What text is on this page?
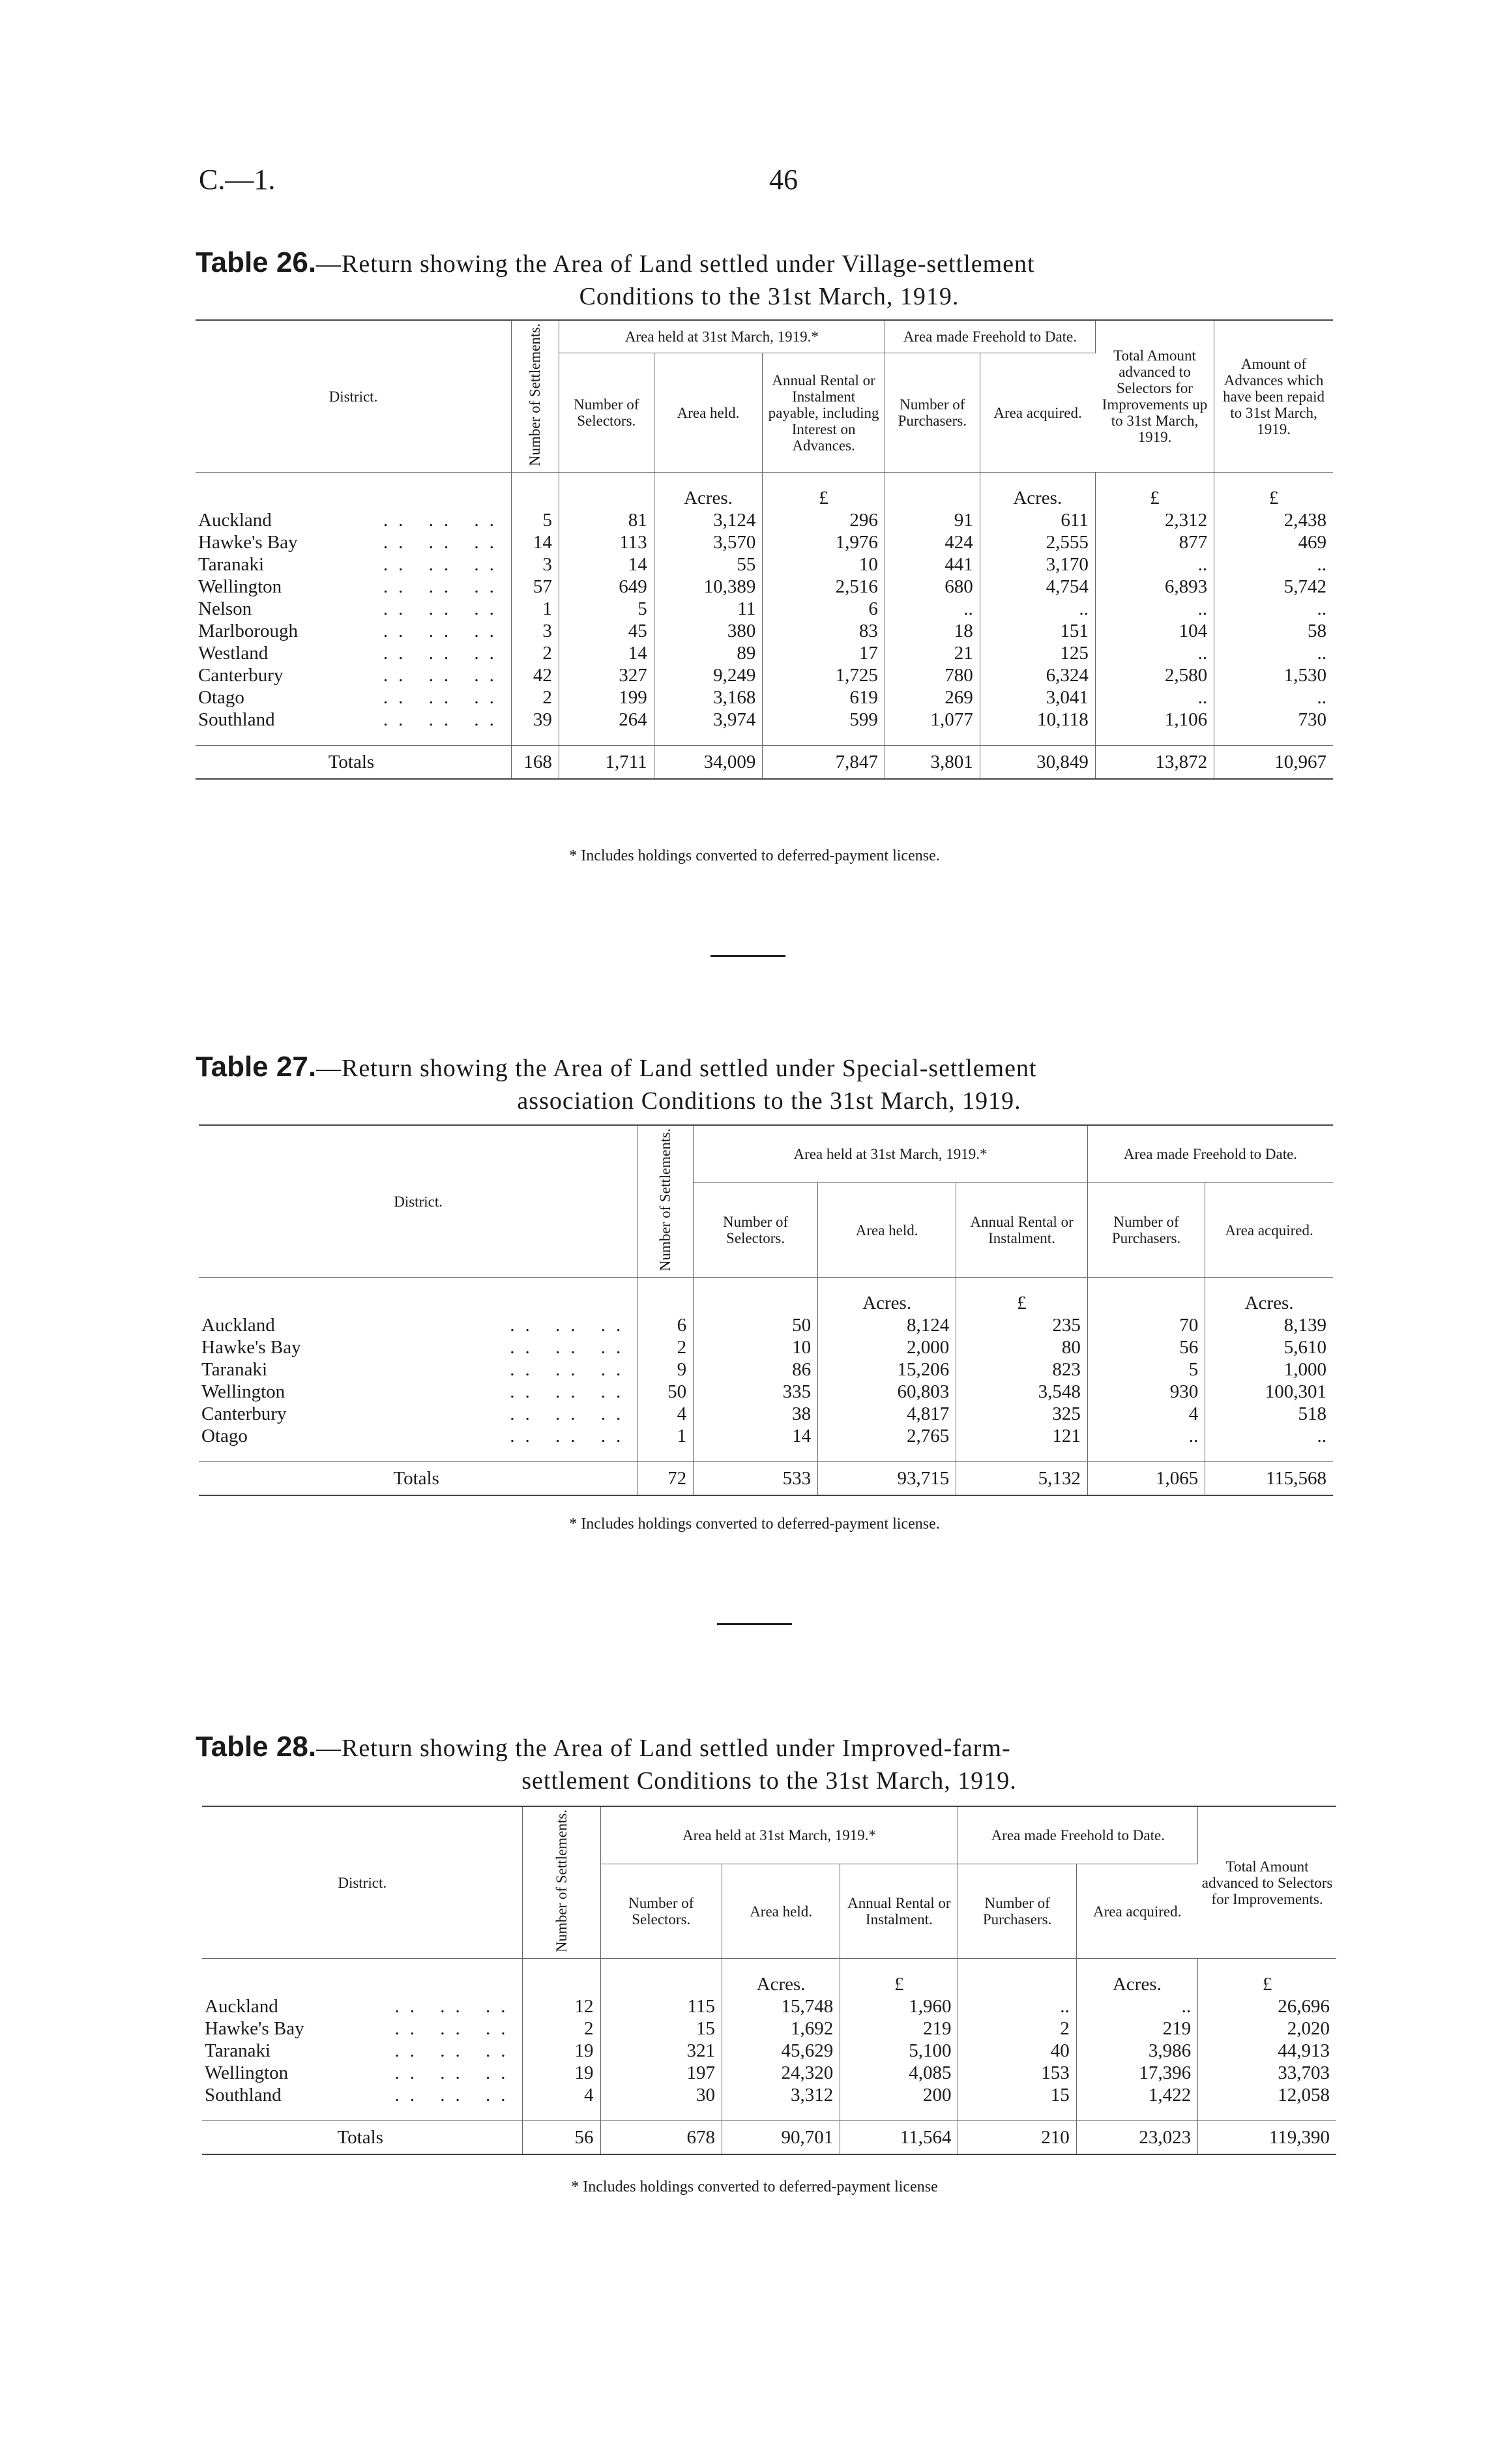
C.—1.	46
Table 26.—Return showing the Area of Land settled under Village-settlement
Conditions to the 31st March, 1919.
District.	Number of Settlements.	Area held at 31st March, 1919.*			Area made Freehold to Date.		Total Amount advanced to Selectors for Improvements up to 31st March, 1919.	Amount of Advances which have been repaid to 31st March, 1919.
		Number of Selectors.	Area held.	Annual Rental or Instalment payable, including Interest on Advances.	Number of Purchasers.	Area acquired.		
			Acres.	£		Acres.	£	£
Auckland .. .. ..	5	81	3,124	296	91	611	2,312	2,438
Hawke's Bay .. .. ..	14	113	3,570	1,976	424	2,555	877	469
Taranaki .. .. ..	3	14	55	10	441	3,170	..	..
Wellington .. .. ..	57	649	10,389	2,516	680	4,754	6,893	5,742
Nelson .. .. ..	1	5	11	6	..	..	..	..
Marlborough .. .. ..	3	45	380	83	18	151	104	58
Westland .. .. ..	2	14	89	17	21	125	..	..
Canterbury .. .. ..	42	327	9,249	1,725	780	6,324	2,580	1,530
Otago .. .. ..	2	199	3,168	619	269	3,041	..	..
Southland .. .. ..	39	264	3,974	599	1,077	10,118	1,106	730
Totals	168	1,711	34,009	7,847	3,801	30,849	13,872	10,967
* Includes holdings converted to deferred-payment license.
Table 27.—Return showing the Area of Land settled under Special-settlement
association Conditions to the 31st March, 1919.
District.	Number of Settlements.	Area held at 31st March, 1919.*			Area made Freehold to Date.	
		Number of Selectors.	Area held.	Annual Rental or Instalment.	Number of Purchasers.	Area acquired.
			Acres.	£		Acres.
Auckland .. .. ..	6	50	8,124	235	70	8,139
Hawke's Bay .. .. ..	2	10	2,000	80	56	5,610
Taranaki .. .. ..	9	86	15,206	823	5	1,000
Wellington .. .. ..	50	335	60,803	3,548	930	100,301
Canterbury .. .. ..	4	38	4,817	325	4	518
Otago .. .. ..	1	14	2,765	121	..	..
Totals	72	533	93,715	5,132	1,065	115,568
* Includes holdings converted to deferred-payment license.
Table 28.—Return showing the Area of Land settled under Improved-farm-
settlement Conditions to the 31st March, 1919.
District.	Number of Settlements.	Area held at 31st March, 1919.*			Area made Freehold to Date.		Total Amount advanced to Selectors for Improvements.
		Number of Selectors.	Area held.	Annual Rental or Instalment.	Number of Purchasers.	Area acquired.	
			Acres.	£		Acres.	£
Auckland .. .. ..	12	115	15,748	1,960	..	..	26,696
Hawke's Bay .. .. ..	2	15	1,692	219	2	219	2,020
Taranaki .. .. ..	19	321	45,629	5,100	40	3,986	44,913
Wellington .. .. ..	19	197	24,320	4,085	153	17,396	33,703
Southland .. .. ..	4	30	3,312	200	15	1,422	12,058
Totals	56	678	90,701	11,564	210	23,023	119,390
* Includes holdings converted to deferred-payment license
